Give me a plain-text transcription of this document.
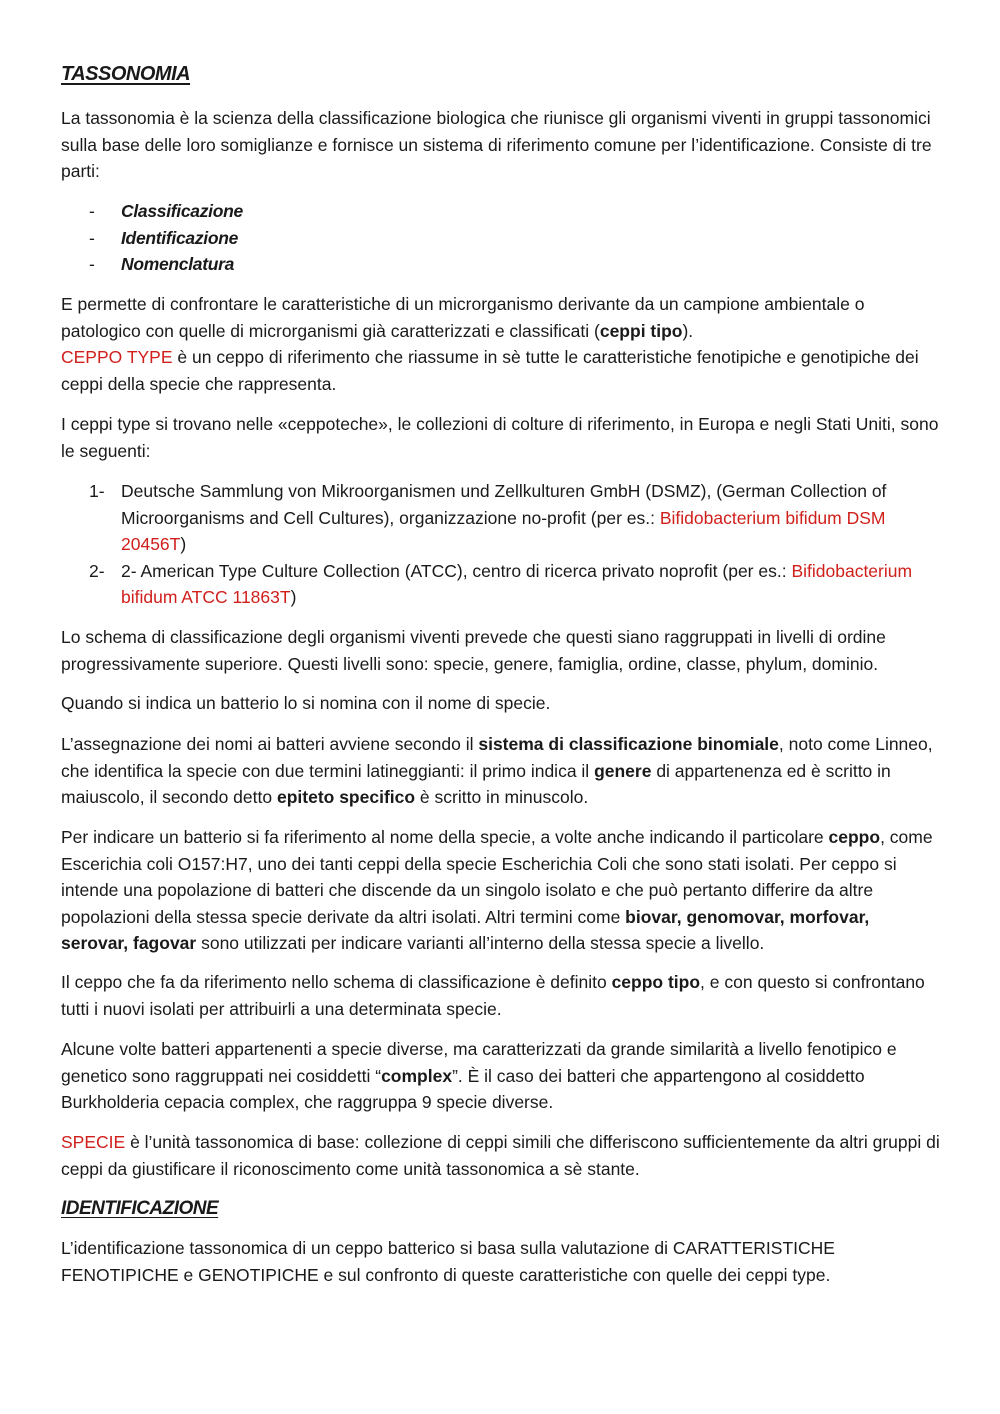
TASSONOMIA

La tassonomia è la scienza della classificazione biologica che riunisce gli organismi viventi in gruppi tassonomici sulla base delle loro somiglianze e fornisce un sistema di riferimento comune per l’identificazione. Consiste di tre parti:

- Classificazione
- Identificazione
- Nomenclatura

E permette di confrontare le caratteristiche di un microrganismo derivante da un campione ambientale o patologico con quelle di microrganismi già caratterizzati e classificati (ceppi tipo).
CEPPO TYPE è un ceppo di riferimento che riassume in sè tutte le caratteristiche fenotipiche e genotipiche dei ceppi della specie che rappresenta.

I ceppi type si trovano nelle «ceppoteche», le collezioni di colture di riferimento, in Europa e negli Stati Uniti, sono le seguenti:

1- Deutsche Sammlung von Mikroorganismen und Zellkulturen GmbH (DSMZ), (German Collection of Microorganisms and Cell Cultures), organizzazione no-profit (per es.: Bifidobacterium bifidum DSM 20456T)
2- 2- American Type Culture Collection (ATCC), centro di ricerca privato noprofit (per es.: Bifidobacterium bifidum ATCC 11863T)

Lo schema di classificazione degli organismi viventi prevede che questi siano raggruppati in livelli di ordine progressivamente superiore. Questi livelli sono: specie, genere, famiglia, ordine, classe, phylum, dominio.

Quando si indica un batterio lo si nomina con il nome di specie.

L’assegnazione dei nomi ai batteri avviene secondo il sistema di classificazione binomiale, noto come Linneo, che identifica la specie con due termini latineggianti: il primo indica il genere di appartenenza ed è scritto in maiuscolo, il secondo detto epiteto specifico è scritto in minuscolo.

Per indicare un batterio si fa riferimento al nome della specie, a volte anche indicando il particolare ceppo, come Escerichia coli O157:H7, uno dei tanti ceppi della specie Escherichia Coli che sono stati isolati. Per ceppo si intende una popolazione di batteri che discende da un singolo isolato e che può pertanto differire da altre popolazioni della stessa specie derivate da altri isolati. Altri termini come biovar, genomovar, morfovar, serovar, fagovar sono utilizzati per indicare varianti all’interno della stessa specie a livello.

Il ceppo che fa da riferimento nello schema di classificazione è definito ceppo tipo, e con questo si confrontano tutti i nuovi isolati per attribuirli a una determinata specie.

Alcune volte batteri appartenenti a specie diverse, ma caratterizzati da grande similarità a livello fenotipico e genetico sono raggruppati nei cosiddetti “complex”. È il caso dei batteri che appartengono al cosiddetto Burkholderia cepacia complex, che raggruppa 9 specie diverse.

SPECIE è l’unità tassonomica di base: collezione di ceppi simili che differiscono sufficientemente da altri gruppi di ceppi da giustificare il riconoscimento come unità tassonomica a sè stante.

IDENTIFICAZIONE

L’identificazione tassonomica di un ceppo batterico si basa sulla valutazione di CARATTERISTICHE FENOTIPICHE e GENOTIPICHE e sul confronto di queste caratteristiche con quelle dei ceppi type.
